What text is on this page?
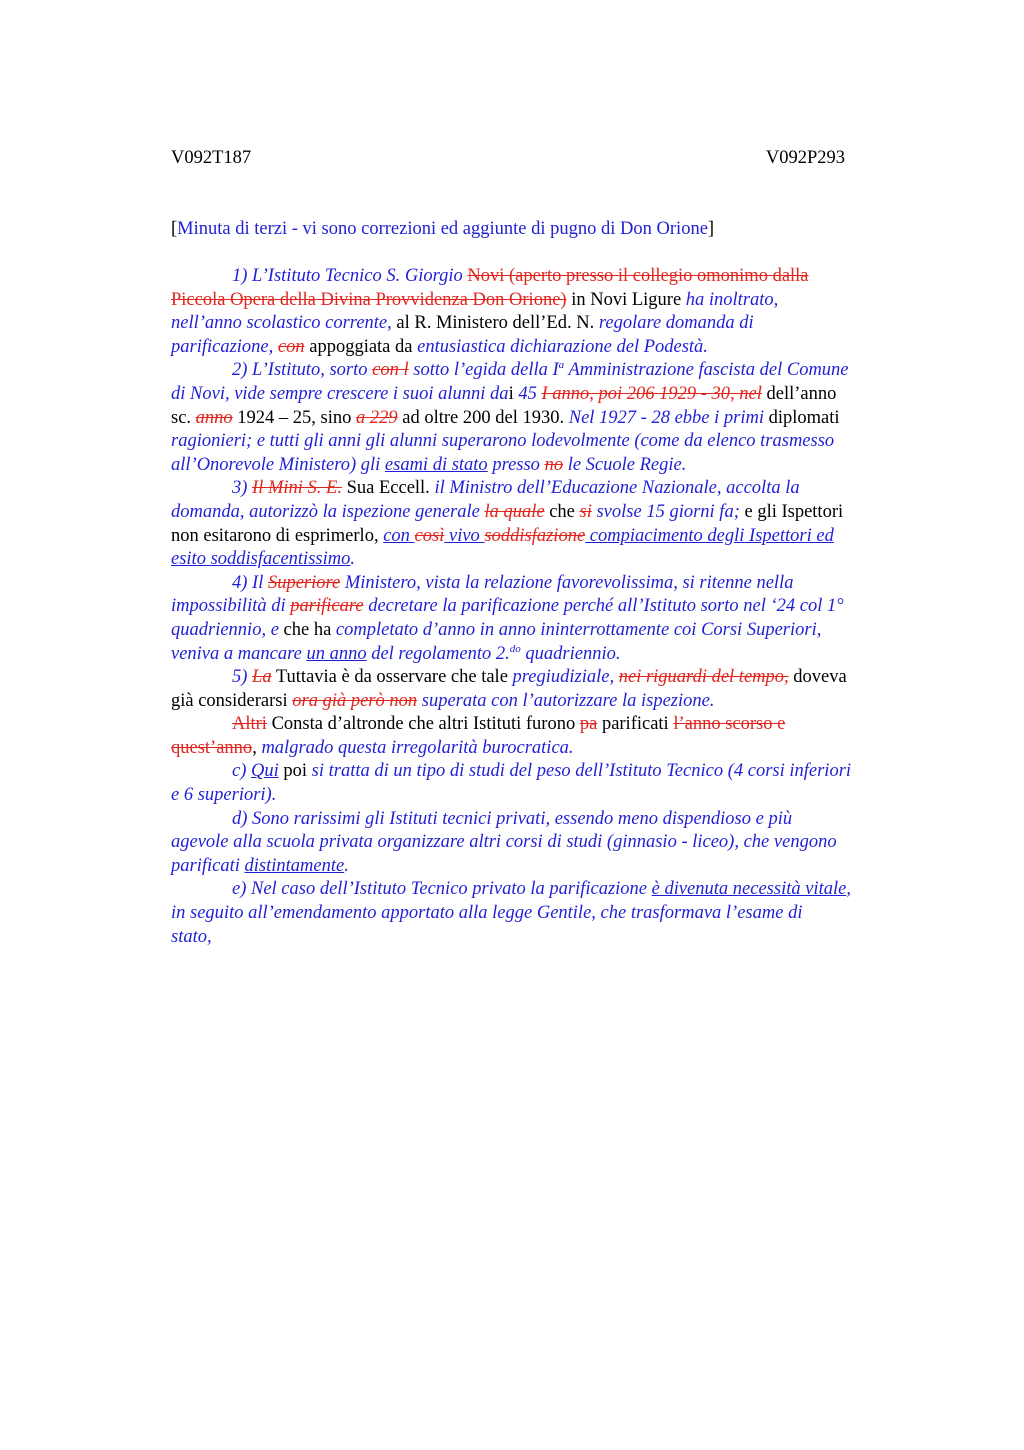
V092T187	V092P293
[Minuta di terzi - vi sono correzioni ed aggiunte di pugno di Don Orione]

1) L’Istituto Tecnico S. Giorgio Novi (aperto presso il collegio omonimo dalla
Piccola Opera della Divina Provvidenza Don Orione) in Novi Ligure ha inoltrato,
nell’anno scolastico corrente, al R. Ministero dell’Ed. N. regolare domanda di
parificazione, con appoggiata da entusiastica dichiarazione del Podestà.

2) L’Istituto, sorto con l sotto l’egida della $I^a$ Amministrazione fascista del Comune
di Novi, vide sempre crescere i suoi alunni dai 45 I anno, poi 206 1929 - 30, nel dell’anno
sc. anno 1924 – 25, sino a 229 ad oltre 200 del 1930. Nel 1927 - 28 ebbe i primi diplomati
ragionieri; e tutti gli anni gli alunni superarono lodevolmente (come da elenco trasmesso
all’Onorevole Ministero) gli esami di stato presso no le Scuole Regie.

3) Il Mini S. E. Sua Eccell. il Ministro dell’Educazione Nazionale, accolta la
domanda, autorizzò la ispezione generale la quale che si svolse 15 giorni fa; e gli Ispettori
non esitarono di esprimerlo, con così vivo soddisfazione compiacimento degli Ispettori ed
esito soddisfacentissimo.

4) Il Superiore Ministero, vista la relazione favorevolissima, si ritenne nella
impossibilità di parificare decretare la parificazione perché all’Istituto sorto nel ‘24 col 1°
quadriennio, e che ha completato d’anno in anno ininterrottamente coi Corsi Superiori,
veniva a mancare un anno del regolamento 2.$^{do}$ quadriennio.

5) La Tuttavia è da osservare che tale pregiudiziale, nei riguardi del tempo, doveva
già considerarsi ora già però non superata con l’autorizzare la ispezione.

Altri Consta d’altronde che altri Istituti furono pa parificati l’anno scorso e
quest’anno, malgrado questa irregolarità burocratica.

c) Qui poi si tratta di un tipo di studi del peso dell’Istituto Tecnico (4 corsi inferiori
e 6 superiori).

d) Sono rarissimi gli Istituti tecnici privati, essendo meno dispendioso e più
agevole alla scuola privata organizzare altri corsi di studi (ginnasio - liceo), che vengono
parificati distintamente.

e) Nel caso dell’Istituto Tecnico privato la parificazione è divenuta necessità vitale,
in seguito all’emendamento apportato alla legge Gentile, che trasformava l’esame di
stato,
